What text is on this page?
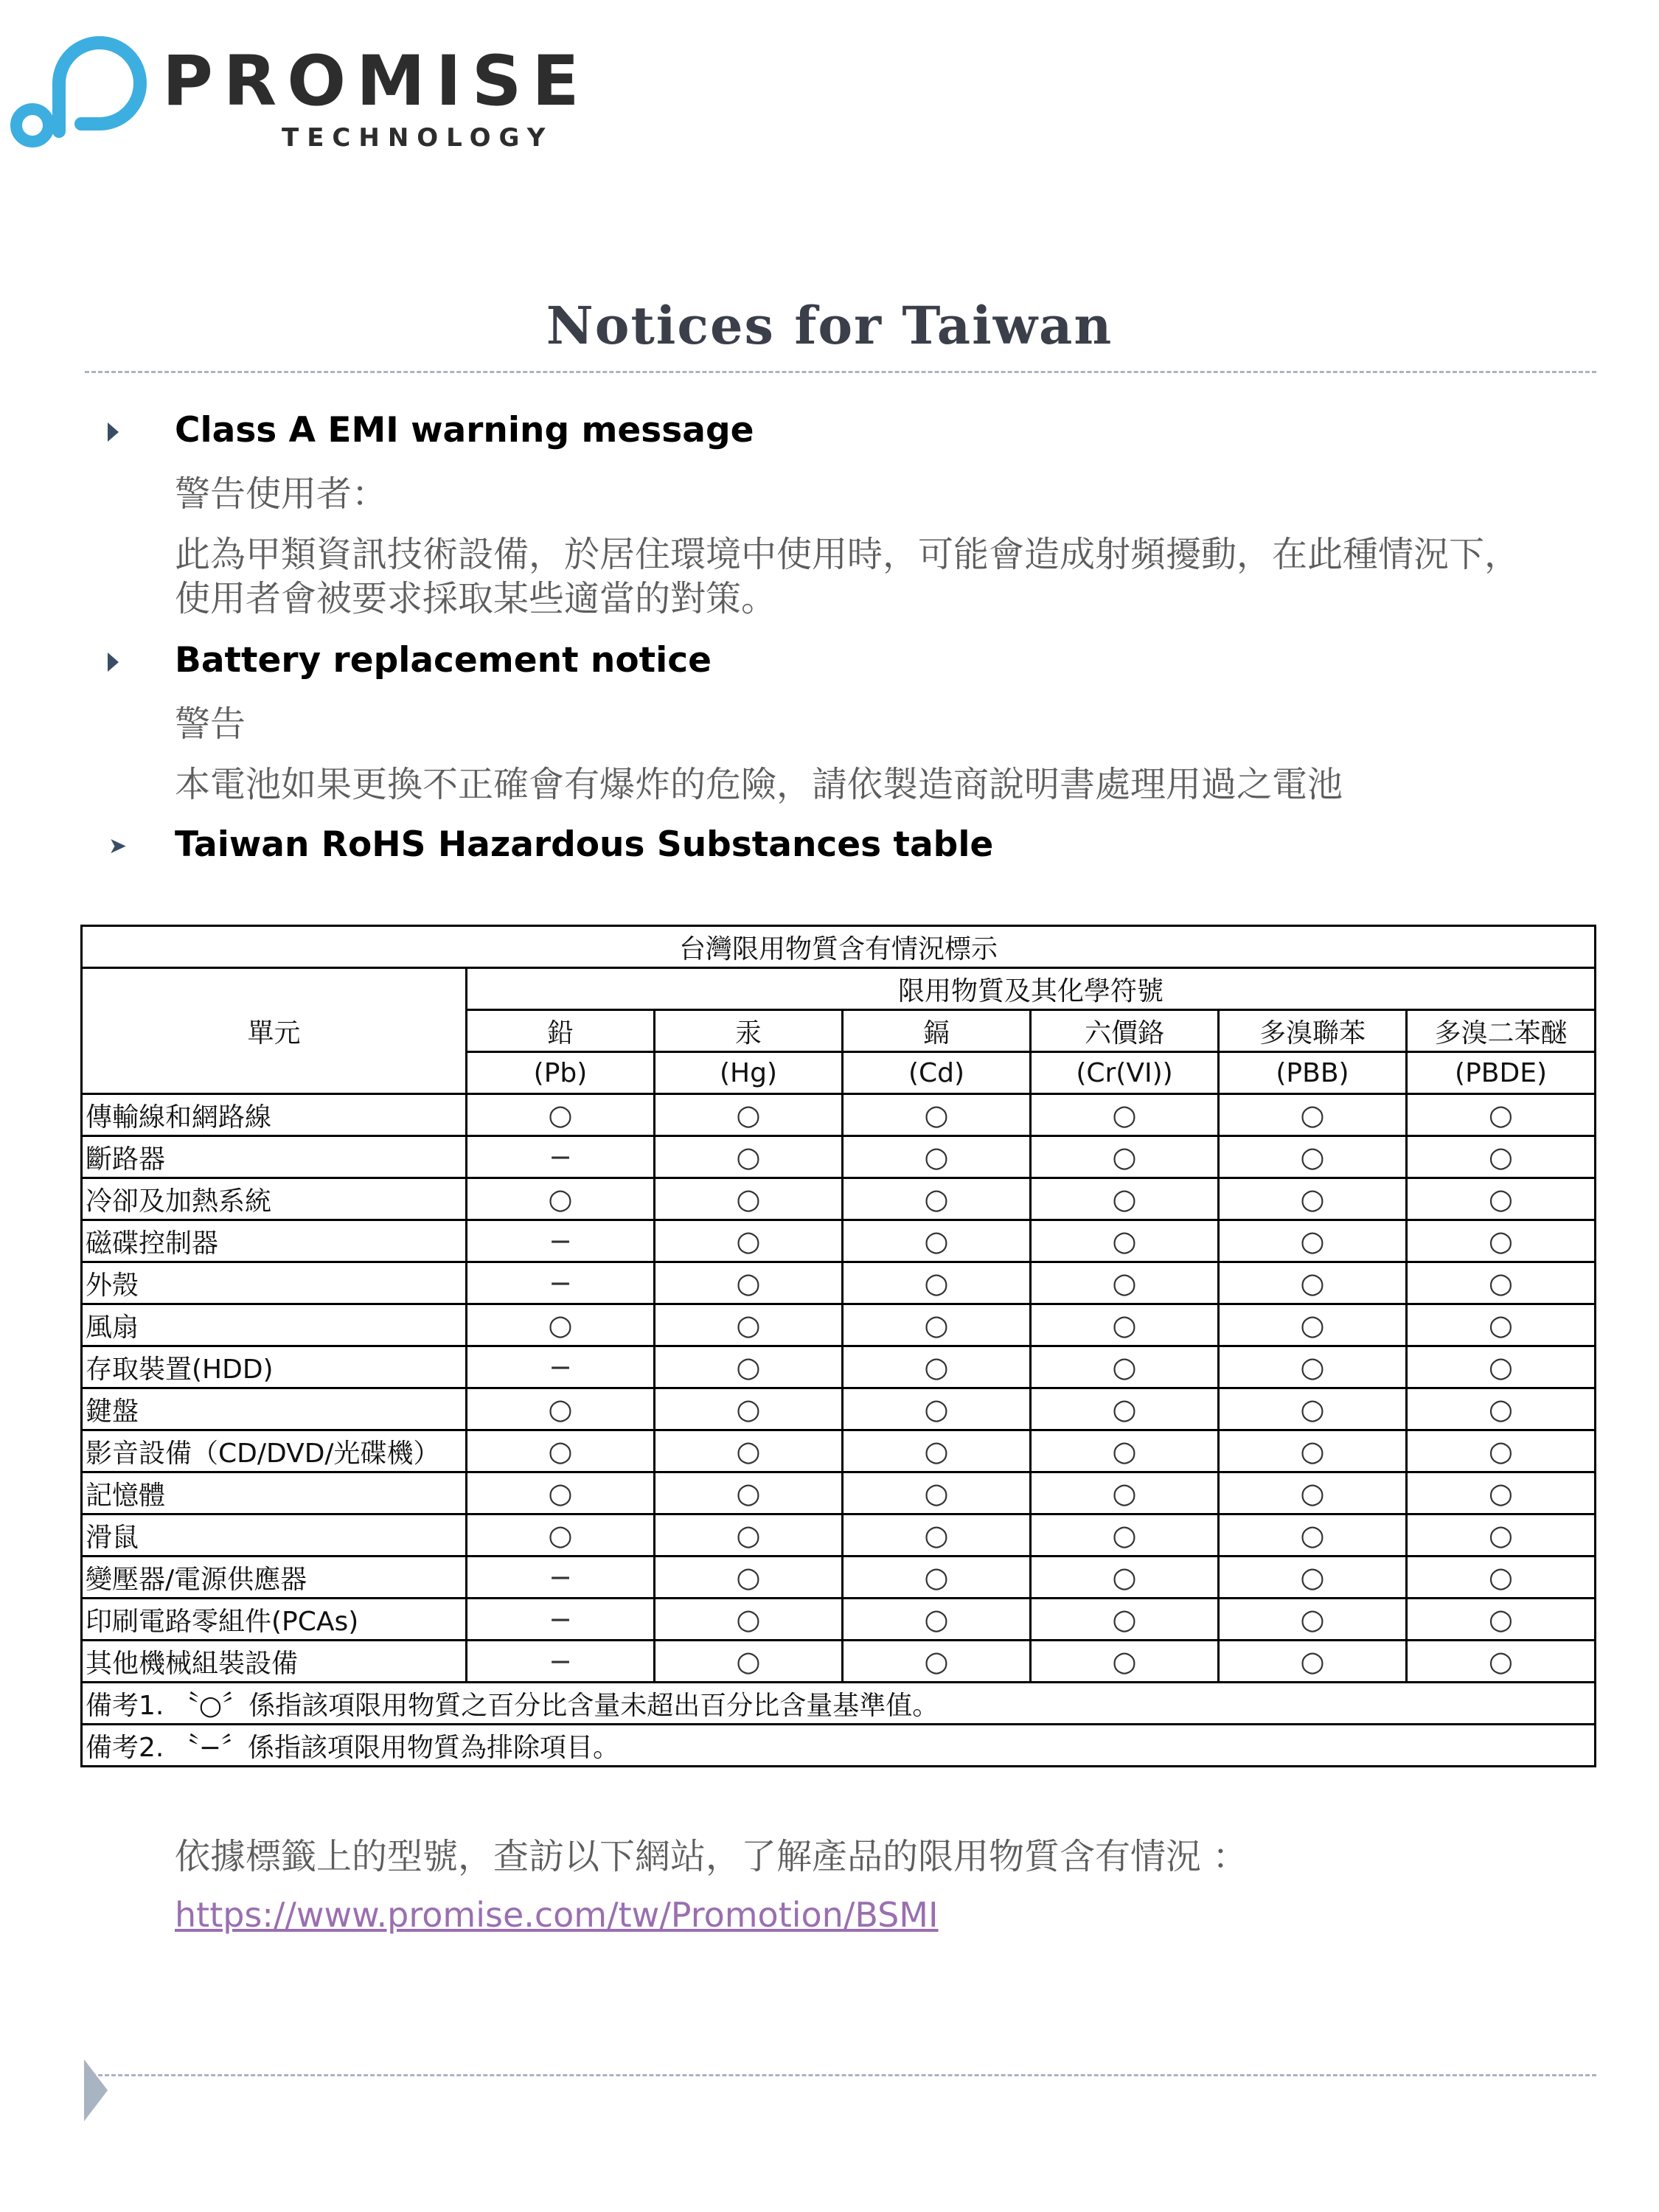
PROMISE
TECHNOLOGY
Notices for Taiwan
Class A EMI warning message
警告使用者：
此為甲類資訊技術設備，於居住環境中使用時，可能會造成射頻擾動，在此種情況下，
使用者會被要求採取某些適當的對策。
Battery replacement notice
警告
本電池如果更換不正確會有爆炸的危險，請依製造商說明書處理用過之電池
➤ Taiwan RoHS Hazardous Substances table
台灣限用物質含有情況標示						
單元	限用物質及其化學符號					
	鉛	汞	鎘	六價鉻	多溴聯苯	多溴二苯醚
	(Pb)	(Hg)	(Cd)	(Cr(VI))	(PBB)	(PBDE)
傳輸線和網路線	○	○	○	○	○	○
斷路器	−	○	○	○	○	○
冷卻及加熱系統	○	○	○	○	○	○
磁碟控制器	−	○	○	○	○	○
外殼	−	○	○	○	○	○
風扇	○	○	○	○	○	○
存取裝置(HDD)	−	○	○	○	○	○
鍵盤	○	○	○	○	○	○
影音設備（CD/DVD/光碟機）	○	○	○	○	○	○
記憶體	○	○	○	○	○	○
滑鼠	○	○	○	○	○	○
變壓器/電源供應器	−	○	○	○	○	○
印刷電路零組件(PCAs)	−	○	○	○	○	○
其他機械組裝設備	−	○	○	○	○	○
備考1. 〝○〞係指該項限用物質之百分比含量未超出百分比含量基準值。						
備考2. 〝−〞係指該項限用物質為排除項目。						
依據標籤上的型號，查訪以下網站，了解產品的限用物質含有情況 ：
https://www.promise.com/tw/Promotion/BSMI
